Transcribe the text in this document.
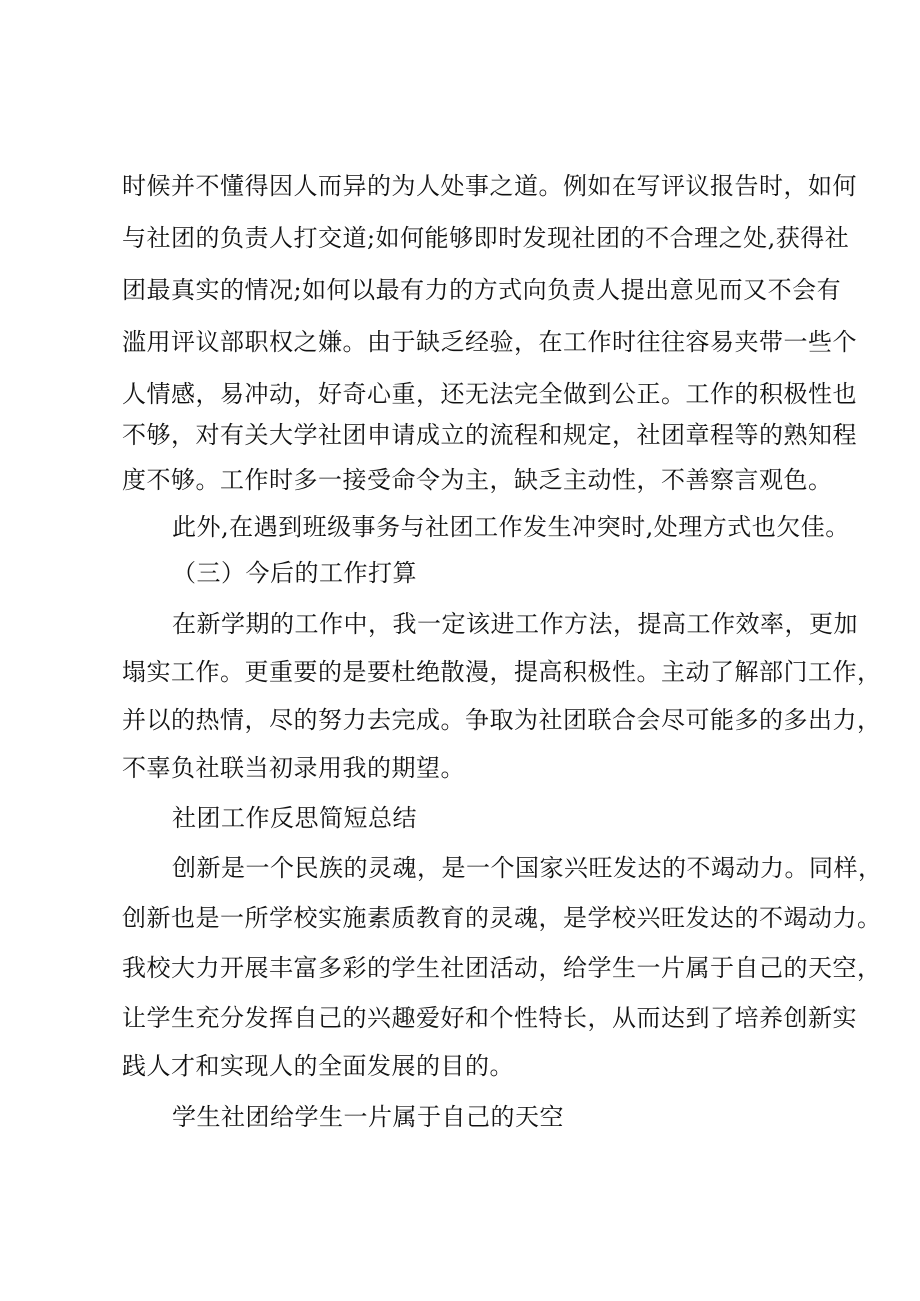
时候并不懂得因人而异的为人处事之道。例如在写评议报告时，如何
与社团的负责人打交道;如何能够即时发现社团的不合理之处,获得社
团最真实的情况;如何以最有力的方式向负责人提出意见而又不会有
滥用评议部职权之嫌。由于缺乏经验，在工作时往往容易夹带一些个
人情感，易冲动，好奇心重，还无法完全做到公正。工作的积极性也
不够，对有关大学社团申请成立的流程和规定，社团章程等的熟知程
度不够。工作时多一接受命令为主，缺乏主动性，不善察言观色。
此外,在遇到班级事务与社团工作发生冲突时,处理方式也欠佳。
（三）今后的工作打算
在新学期的工作中，我一定该进工作方法，提高工作效率，更加
塌实工作。更重要的是要杜绝散漫，提高积极性。主动了解部门工作，
并以的热情，尽的努力去完成。争取为社团联合会尽可能多的多出力，
不辜负社联当初录用我的期望。
社团工作反思简短总结
创新是一个民族的灵魂，是一个国家兴旺发达的不竭动力。同样，
创新也是一所学校实施素质教育的灵魂，是学校兴旺发达的不竭动力。
我校大力开展丰富多彩的学生社团活动，给学生一片属于自己的天空，
让学生充分发挥自己的兴趣爱好和个性特长，从而达到了培养创新实
践人才和实现人的全面发展的目的。
学生社团给学生一片属于自己的天空
